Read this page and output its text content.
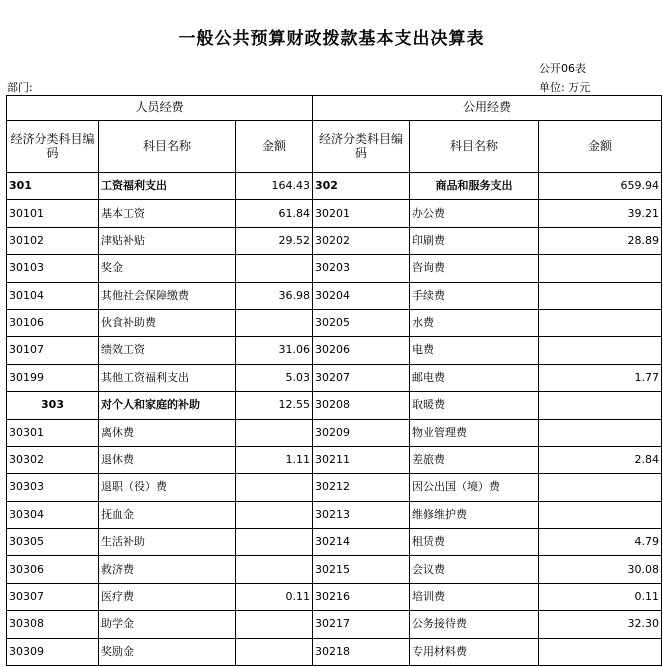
一般公共预算财政拨款基本支出决算表
公开06表
部门:	单位: 万元
人员经费			公用经费		
经济分类科目编码	科目名称	金额	经济分类科目编码	科目名称	金额
301	工资福利支出	164.43	302	商品和服务支出	659.94
30101	基本工资	61.84	30201	办公费	39.21
30102	津贴补贴	29.52	30202	印刷费	28.89
30103	奖金		30203	咨询费	
30104	其他社会保障缴费	36.98	30204	手续费	
30106	伙食补助费		30205	水费	
30107	绩效工资	31.06	30206	电费	
30199	其他工资福利支出	5.03	30207	邮电费	1.77
303	对个人和家庭的补助	12.55	30208	取暖费	
30301	离休费		30209	物业管理费	
30302	退休费	1.11	30211	差旅费	2.84
30303	退职（役）费		30212	因公出国（境）费	
30304	抚血金		30213	维修维护费	
30305	生活补助		30214	租赁费	4.79
30306	救济费		30215	会议费	30.08
30307	医疗费	0.11	30216	培训费	0.11
30308	助学金		30217	公务接待费	32.30
30309	奖励金		30218	专用材料费	
